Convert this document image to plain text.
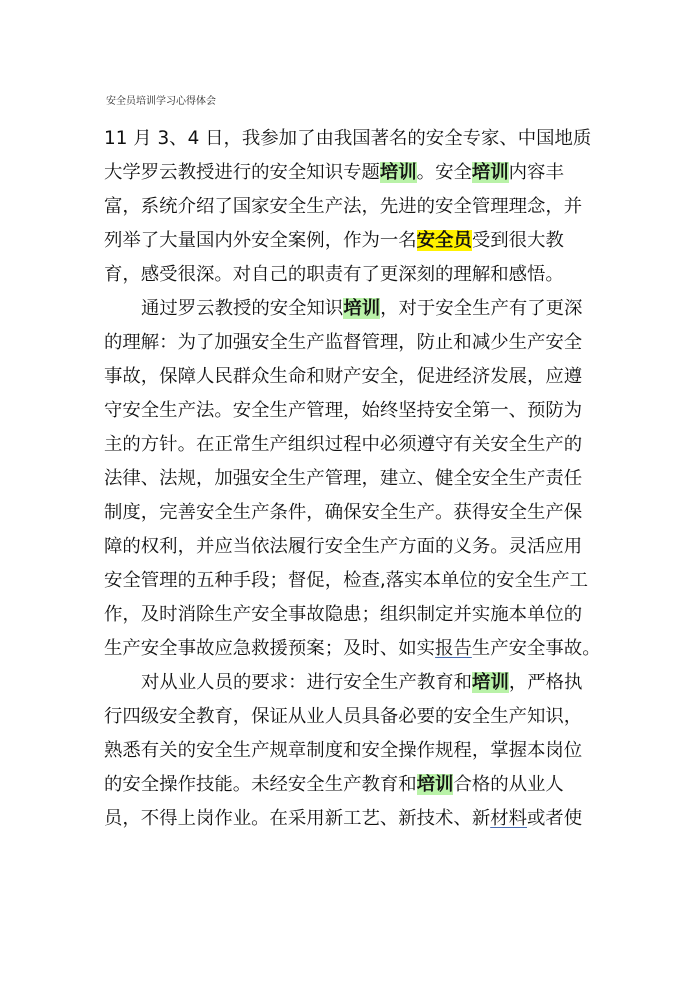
安全员培训学习心得体会
11 月 3、4 日，我参加了由我国著名的安全专家、中国地质
大学罗云教授进行的安全知识专题培训。安全培训内容丰
富，系统介绍了国家安全生产法，先进的安全管理理念，并
列举了大量国内外安全案例，作为一名安全员受到很大教
育，感受很深。对自己的职责有了更深刻的理解和感悟。
通过罗云教授的安全知识培训，对于安全生产有了更深
的理解：为了加强安全生产监督管理，防止和减少生产安全
事故，保障人民群众生命和财产安全，促进经济发展，应遵
守安全生产法。安全生产管理，始终坚持安全第一、预防为
主的方针。在正常生产组织过程中必须遵守有关安全生产的
法律、法规，加强安全生产管理，建立、健全安全生产责任
制度，完善安全生产条件，确保安全生产。获得安全生产保
障的权利，并应当依法履行安全生产方面的义务。灵活应用
安全管理的五种手段；督促，检查,落实本单位的安全生产工
作，及时消除生产安全事故隐患；组织制定并实施本单位的
生产安全事故应急救援预案；及时、如实报告生产安全事故。
对从业人员的要求：进行安全生产教育和培训，严格执
行四级安全教育，保证从业人员具备必要的安全生产知识，
熟悉有关的安全生产规章制度和安全操作规程，掌握本岗位
的安全操作技能。未经安全生产教育和培训合格的从业人
员，不得上岗作业。在采用新工艺、新技术、新材料或者使
